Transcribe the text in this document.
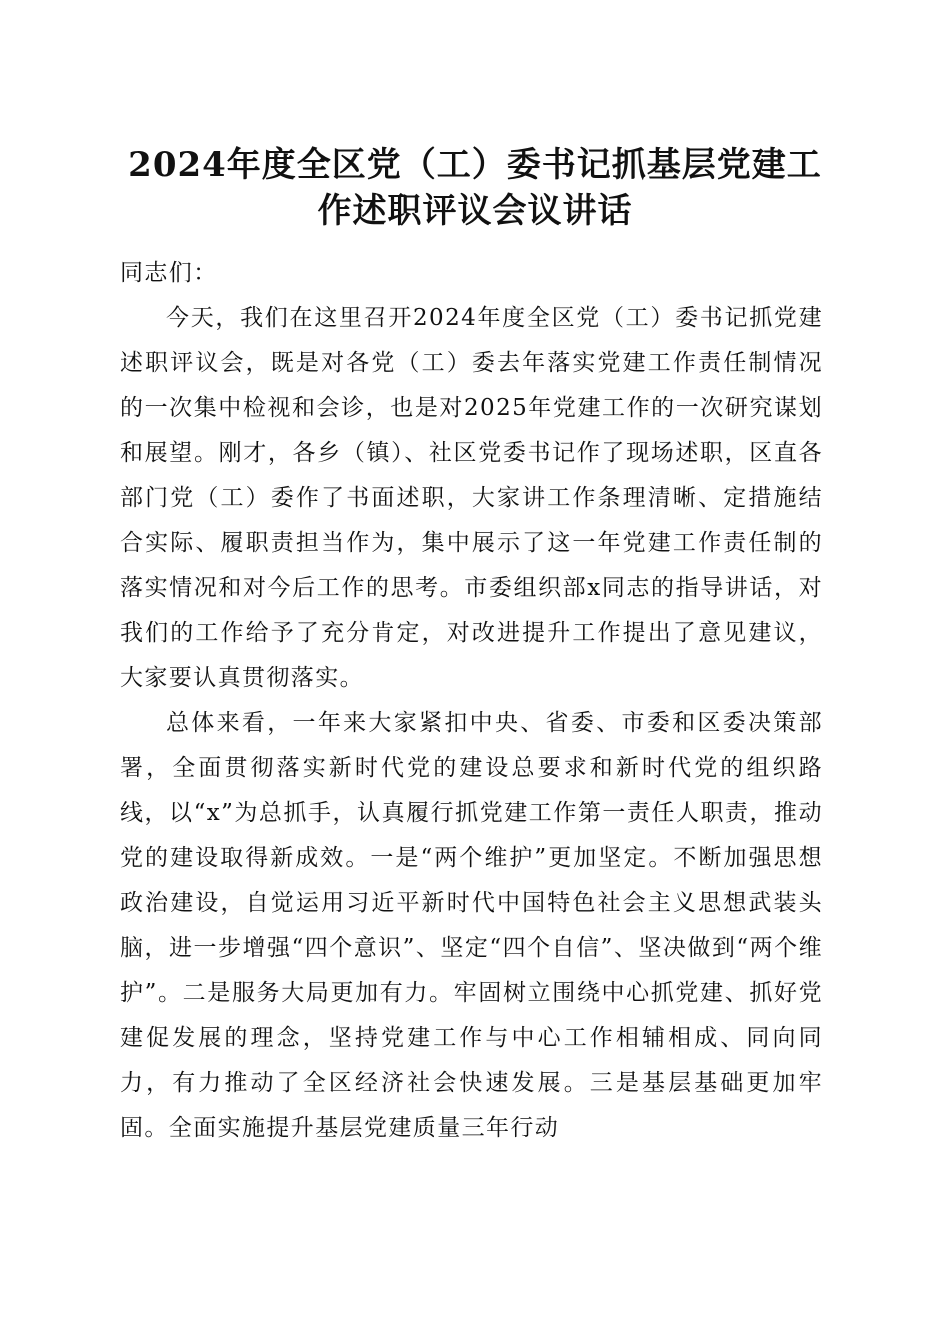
2024年度全区党（工）委书记抓基层党建工
作述职评议会议讲话

同志们：

今天，我们在这里召开2024年度全区党（工）委书记抓党建述职评议会，既是对各党（工）委去年落实党建工作责任制情况的一次集中检视和会诊，也是对2025年党建工作的一次研究谋划和展望。刚才，各乡（镇）、社区党委书记作了现场述职，区直各部门党（工）委作了书面述职，大家讲工作条理清晰、定措施结合实际、履职责担当作为，集中展示了这一年党建工作责任制的落实情况和对今后工作的思考。市委组织部x同志的指导讲话，对我们的工作给予了充分肯定，对改进提升工作提出了意见建议，大家要认真贯彻落实。

总体来看，一年来大家紧扣中央、省委、市委和区委决策部署，全面贯彻落实新时代党的建设总要求和新时代党的组织路线，以“x”为总抓手，认真履行抓党建工作第一责任人职责，推动党的建设取得新成效。一是“两个维护”更加坚定。不断加强思想政治建设，自觉运用习近平新时代中国特色社会主义思想武装头脑，进一步增强“四个意识”、坚定“四个自信”、坚决做到“两个维护”。二是服务大局更加有力。牢固树立围绕中心抓党建、抓好党建促发展的理念，坚持党建工作与中心工作相辅相成、同向同力，有力推动了全区经济社会快速发展。三是基层基础更加牢固。全面实施提升基层党建质量三年行动
